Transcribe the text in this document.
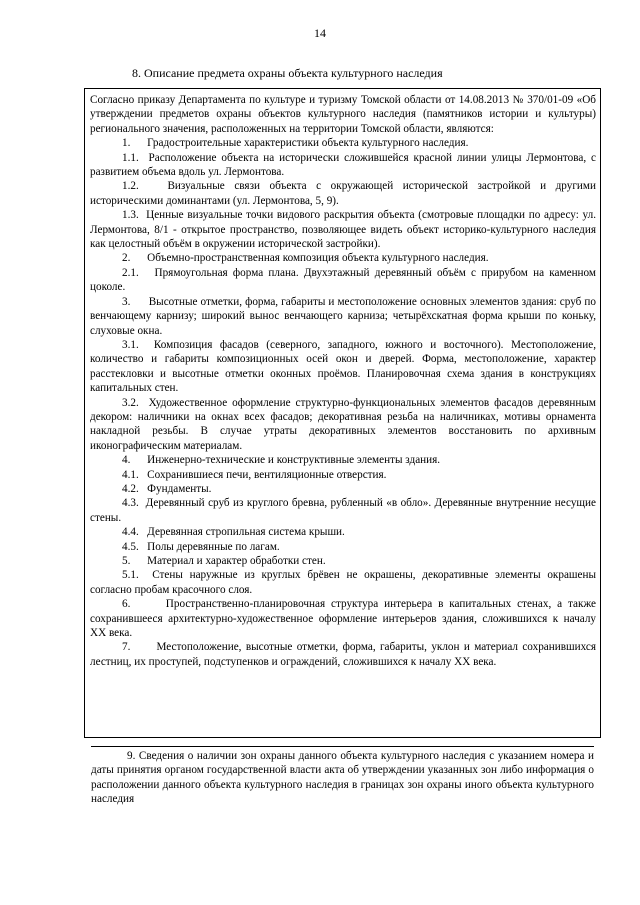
14
8. Описание предмета охраны объекта культурного наследия

Согласно приказу Департамента по культуре и туризму Томской области от 14.08.2013 № 370/01-09 «Об утверждении предметов охраны объектов культурного наследия (памятников истории и культуры) регионального значения, расположенных на территории Томской области, являются:

1.      Градостроительные характеристики объекта культурного наследия.

1.1.  Расположение объекта на исторически сложившейся красной линии улицы Лермонтова, с развитием объема вдоль ул. Лермонтова.

1.2.   Визуальные связи объекта с окружающей исторической застройкой и другими историческими доминантами (ул. Лермонтова, 5, 9).

1.3.  Ценные визуальные точки видового раскрытия объекта (смотровые площадки по адресу: ул. Лермонтова, 8/1 - открытое пространство, позволяющее видеть объект историко-культурного наследия как целостный объём в окружении исторической застройки).

2.      Объемно-пространственная композиция объекта культурного наследия.

2.1.   Прямоугольная форма плана. Двухэтажный деревянный объём с прирубом на каменном цоколе.

3.      Высотные отметки, форма, габариты и местоположение основных элементов здания: сруб по венчающему карнизу; широкий вынос венчающего карниза; четырёхскатная форма крыши по коньку, слуховые окна.

3.1.  Композиция фасадов (северного, западного, южного и восточного). Местоположение, количество и габариты композиционных осей окон и дверей. Форма, местоположение, характер расстекловки и высотные отметки оконных проёмов. Планировочная схема здания в конструкциях капитальных стен.

3.2.  Художественное оформление структурно-функциональных элементов фасадов деревянным декором: наличники на окнах всех фасадов; декоративная резьба на наличниках, мотивы орнамента накладной резьбы. В случае утраты декоративных элементов восстановить по архивным иконографическим материалам.

4.      Инженерно-технические и конструктивные элементы здания.

4.1.   Сохранившиеся печи, вентиляционные отверстия.

4.2.   Фундаменты.

4.3.  Деревянный сруб из круглого бревна, рубленный «в обло». Деревянные внутренние несущие стены.

4.4.   Деревянная стропильная система крыши.

4.5.   Полы деревянные по лагам.

5.      Материал и характер обработки стен.

5.1.  Стены наружные из круглых брёвен не окрашены, декоративные элементы окрашены согласно пробам красочного слоя.

6.      Пространственно-планировочная структура интерьера в капитальных стенах, а также сохранившееся архитектурно-художественное оформление интерьеров здания, сложившихся к началу XX века.

7.      Местоположение, высотные отметки, форма, габариты, уклон и материал сохранившихся лестниц, их проступей, подступенков и ограждений, сложившихся к началу XX века.

9. Сведения о наличии зон охраны данного объекта культурного наследия с указанием номера и даты принятия органом государственной власти акта об утверждении указанных зон либо информация о расположении данного объекта культурного наследия в границах зон охраны иного объекта культурного наследия
